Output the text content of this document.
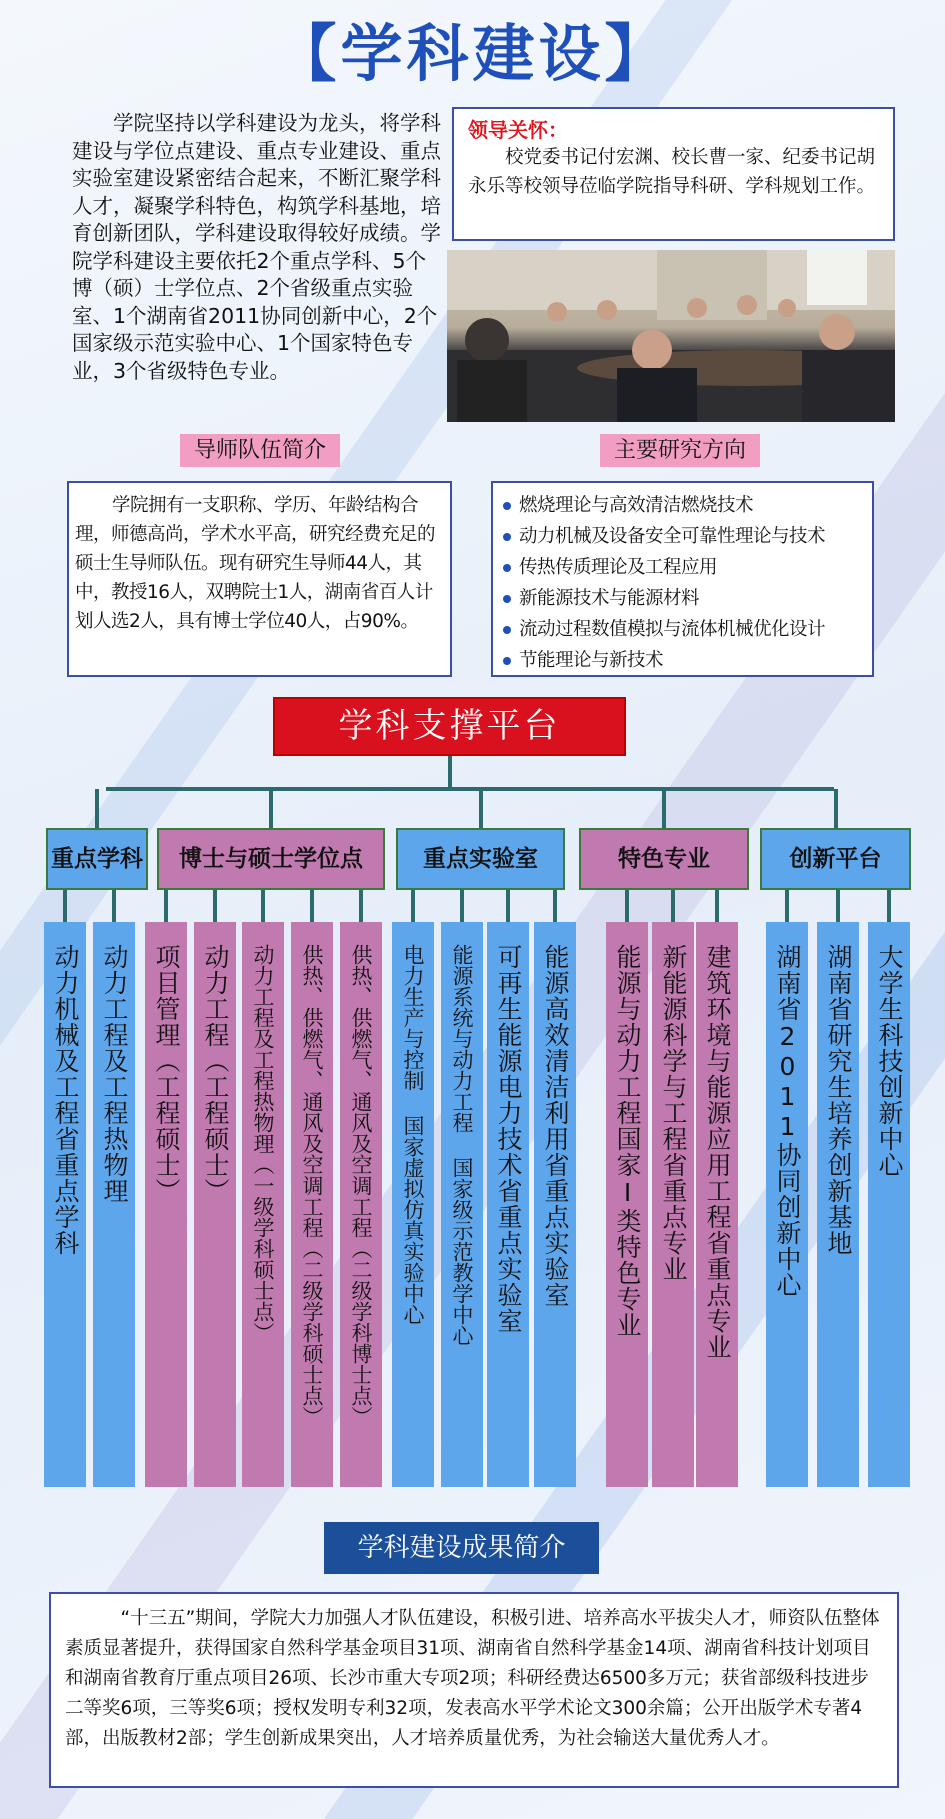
【学科建设】
学院坚持以学科建设为龙头，将学科建设与学位点建设、重点专业建设、重点实验室建设紧密结合起来，不断汇聚学科人才，凝聚学科特色，构筑学科基地，培育创新团队，学科建设取得较好成绩。学院学科建设主要依托2个重点学科、5个博（硕）士学位点、2个省级重点实验室、1个湖南省2011协同创新中心，2个国家级示范实验中心、1个国家特色专业，3个省级特色专业。
领导关怀：
校党委书记付宏渊、校长曹一家、纪委书记胡永乐等校领导莅临学院指导科研、学科规划工作。
导师队伍简介	主要研究方向

学院拥有一支职称、学历、年龄结构合理，师德高尚，学术水平高，研究经费充足的硕士生导师队伍。现有研究生导师44人，其中，教授16人，双聘院士1人，湖南省百人计划人选2人，具有博士学位40人，占90%。

燃烧理论与高效清洁燃烧技术
动力机械及设备安全可靠性理论与技术
传热传质理论及工程应用
新能源技术与能源材料
流动过程数值模拟与流体机械优化设计
节能理论与新技术
学科支撑平台
重点学科
动力机械及工程省重点学科 动力工程及工程热物理
博士与硕士学位点
项目管理（工程硕士） 动力工程（工程硕士）	动力工程及工程热物理（一级学科硕士点）	供热、供燃气、通风及空调工程（二级学科硕士点）	供热、供燃气、通风及空调工程（二级学科博士点）
重点实验室
电力生产与控制 国家虚拟仿真实验中心	能源系统与动力工程 国家级示范教学中心 可再生能源电力技术省重点实验室 能源高效清洁利用省重点实验室
特色专业
能源与动力工程国家I类特色专业 新能源科学与工程省重点专业 建筑环境与能源应用工程省重点专业
创新平台
湖南省2011协同创新中心 湖南省研究生培养创新基地 大学生科技创新中心
学科建设成果简介

“十三五”期间，学院大力加强人才队伍建设，积极引进、培养高水平拔尖人才，师资队伍整体素质显著提升，获得国家自然科学基金项目31项、湖南省自然科学基金14项、湖南省科技计划项目和湖南省教育厅重点项目26项、长沙市重大专项2项；科研经费达6500多万元；获省部级科技进步二等奖6项，三等奖6项；授权发明专利32项，发表高水平学术论文300余篇；公开出版学术专著4部，出版教材2部；学生创新成果突出，人才培养质量优秀，为社会输送大量优秀人才。
